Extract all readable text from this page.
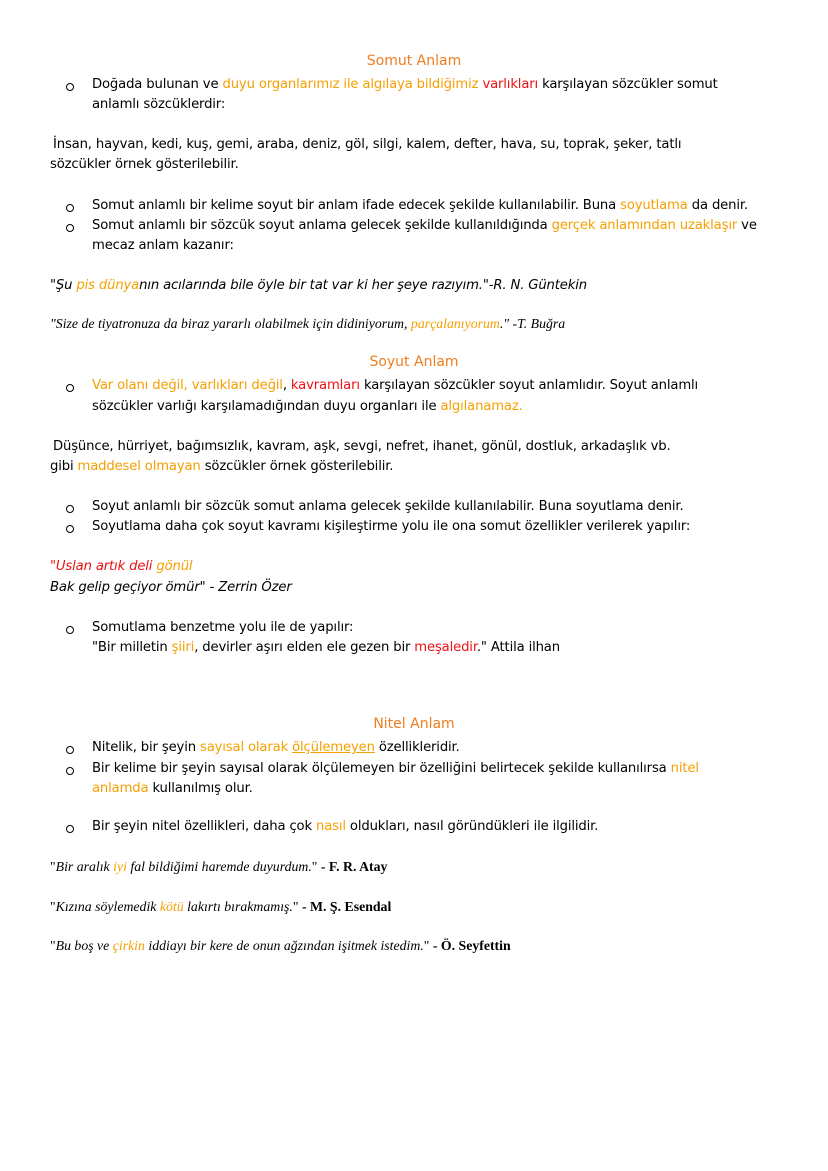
Somut Anlam
Doğada bulunan ve duyu organlarımız ile algılaya bildiğimiz varlıkları karşılayan sözcükler somut
anlamlı sözcüklerdir:
İnsan, hayvan, kedi, kuş, gemi, araba, deniz, göl, silgi, kalem, defter, hava, su, toprak, şeker, tatlı
sözcükler örnek gösterilebilir.
Somut anlamlı bir kelime soyut bir anlam ifade edecek şekilde kullanılabilir. Buna soyutlama da denir.
Somut anlamlı bir sözcük soyut anlama gelecek şekilde kullanıldığında gerçek anlamından uzaklaşır ve
mecaz anlam kazanır:
"Şu pis dünyanın acılarında bile öyle bir tat var ki her şeye razıyım."-R. N. Güntekin
"Size de tiyatronuza da biraz yararlı olabilmek için didiniyorum, parçalanıyorum." -T. Buğra
Soyut Anlam
Var olanı değil, varlıkları değil, kavramları karşılayan sözcükler soyut anlamlıdır. Soyut anlamlı
sözcükler varlığı karşılamadığından duyu organları ile algılanamaz.
Düşünce, hürriyet, bağımsızlık, kavram, aşk, sevgi, nefret, ihanet, gönül, dostluk, arkadaşlık vb.
gibi maddesel olmayan sözcükler örnek gösterilebilir.
Soyut anlamlı bir sözcük somut anlama gelecek şekilde kullanılabilir. Buna soyutlama denir.
Soyutlama daha çok soyut kavramı kişileştirme yolu ile ona somut özellikler verilerek yapılır:
"Uslan artık deli gönül
Bak gelip geçiyor ömür" - Zerrin Özer
Somutlama benzetme yolu ile de yapılır:
"Bir milletin şiiri, devirler aşırı elden ele gezen bir meşaledir." Attila ilhan
Nitel Anlam
Nitelik, bir şeyin sayısal olarak ölçülemeyen özellikleridir.
Bir kelime bir şeyin sayısal olarak ölçülemeyen bir özelliğini belirtecek şekilde kullanılırsa nitel
anlamda kullanılmış olur.
Bir şeyin nitel özellikleri, daha çok nasıl oldukları, nasıl göründükleri ile ilgilidir.
"Bir aralık iyi fal bildiğimi haremde duyurdum." - F. R. Atay
"Kızına söylemedik kötü lakırtı bırakmamış." - M. Ş. Esendal
"Bu boş ve çirkin iddiayı bir kere de onun ağzından işitmek istedim." - Ö. Seyfettin
